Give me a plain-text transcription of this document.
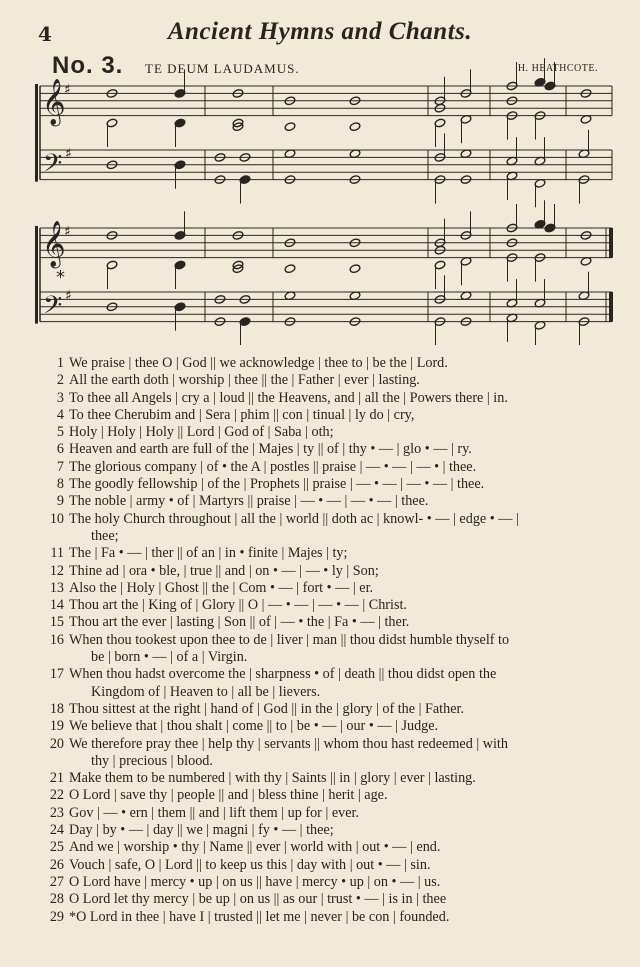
4	Ancient Hymns and Chants.
No. 3. TE DEUM LAUDAMUS.	H. HEATHCOTE.
𝄞
♯
𝄞
♯
𝄢 ♯
𝄢 ♯
*
1 We praise | thee O | God || we acknowledge | thee to | be the | Lord.
2 All the earth doth | worship | thee || the | Father | ever | lasting.
3 To thee all Angels | cry a | loud || the Heavens, and | all the | Powers there | in.
4 To thee Cherubim and | Sera | phim || con | tinual | ly do | cry,
5 Holy | Holy | Holy || Lord | God of | Saba | oth;
6 Heaven and earth are full of the | Majes | ty || of | thy • — | glo • — | ry.
7 The glorious company | of • the A | postles || praise | — • — | — • | thee.
8 The goodly fellowship | of the | Prophets || praise | — • — | — • — | thee.
9 The noble | army • of | Martyrs || praise | — • — | — • — | thee.
10 The holy Church throughout | all the | world || doth ac | knowl- • — | edge • — |
thee;
11 The | Fa • — | ther || of an | in • finite | Majes | ty;
12 Thine ad | ora • ble, | true || and | on • — | — • ly | Son;
13 Also the | Holy | Ghost || the | Com • — | fort • — | er.
14 Thou art the | King of | Glory || O | — • — | — • — | Christ.
15 Thou art the ever | lasting | Son || of | — • the | Fa • — | ther.
16 When thou tookest upon thee to de | liver | man || thou didst humble thyself to
be | born • — | of a | Virgin.
17 When thou hadst overcome the | sharpness • of | death || thou didst open the
Kingdom of | Heaven to | all be | lievers.
18 Thou sittest at the right | hand of | God || in the | glory | of the | Father.
19 We believe that | thou shalt | come || to | be • — | our • — | Judge.
20 We therefore pray thee | help thy | servants || whom thou hast redeemed | with
thy | precious | blood.
21 Make them to be numbered | with thy | Saints || in | glory | ever | lasting.
22 O Lord | save thy | people || and | bless thine | herit | age.
23 Gov | — • ern | them || and | lift them | up for | ever.
24 Day | by • — | day || we | magni | fy • — | thee;
25 And we | worship • thy | Name || ever | world with | out • — | end.
26 Vouch | safe, O | Lord || to keep us this | day with | out • — | sin.
27 O Lord have | mercy • up | on us || have | mercy • up | on • — | us.
28 O Lord let thy mercy | be up | on us || as our | trust • — | is in | thee
29 *O Lord in thee | have I | trusted || let me | never | be con | founded.
